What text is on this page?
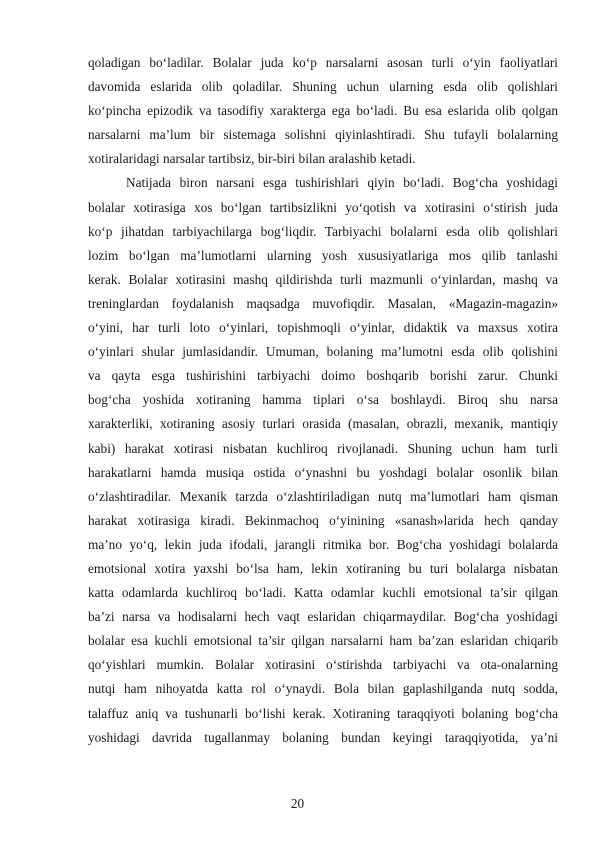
qoladigan bo‘ladilar. Bolalar juda ko‘p narsalarni asosan turli o‘yin faoliyatlari
davomida eslarida olib qoladilar. Shuning uchun ularning esda olib qolishlari
ko‘pincha epizodik va tasodifiy xarakterga ega bo‘ladi. Bu esa eslarida olib qolgan
narsalarni ma’lum bir sistemaga solishni qiyinlashtiradi. Shu tufayli bolalarning
xotiralaridagi narsalar tartibsiz, bir-biri bilan aralashib ketadi.
Natijada biron narsani esga tushirishlari qiyin bo‘ladi. Bog‘cha yoshidagi
bolalar xotirasiga xos bo‘lgan tartibsizlikni yo‘qotish va xotirasini o‘stirish juda
ko‘p jihatdan tarbiyachilarga bog‘liqdir. Tarbiyachi bolalarni esda olib qolishlari
lozim bo‘lgan ma’lumotlarni ularning yosh xususiyatlariga mos qilib tanlashi
kerak. Bolalar xotirasini mashq qildirishda turli mazmunli o‘yinlardan, mashq va
treninglardan foydalanish maqsadga muvofiqdir. Masalan, «Magazin-magazin»
o‘yini, har turli loto o‘yinlari, topishmoqli o‘yinlar, didaktik va maxsus xotira
o‘yinlari shular jumlasidandir. Umuman, bolaning ma’lumotni esda olib qolishini
va qayta esga tushirishini tarbiyachi doimo boshqarib borishi zarur. Chunki
bog‘cha yoshida xotiraning hamma tiplari o‘sa boshlaydi. Biroq shu narsa
xarakterliki, xotiraning asosiy turlari orasida (masalan, obrazli, mexanik, mantiqiy
kabi) harakat xotirasi nisbatan kuchliroq rivojlanadi. Shuning uchun ham turli
harakatlarni hamda musiqa ostida o‘ynashni bu yoshdagi bolalar osonlik bilan
o‘zlashtiradilar. Mexanik tarzda o‘zlashtiriladigan nutq ma’lumotlari ham qisman
harakat xotirasiga kiradi. Bekinmachoq o‘yinining «sanash»larida hech qanday
ma’no yo‘q, lekin juda ifodali, jarangli ritmika bor. Bog‘cha yoshidagi bolalarda
emotsional xotira yaxshi bo‘lsa ham, lekin xotiraning bu turi bolalarga nisbatan
katta odamlarda kuchliroq bo‘ladi. Katta odamlar kuchli emotsional ta’sir qilgan
ba’zi narsa va hodisalarni hech vaqt eslaridan chiqarmaydilar. Bog‘cha yoshidagi
bolalar esa kuchli emotsional ta’sir qilgan narsalarni ham ba’zan eslaridan chiqarib
qo‘yishlari mumkin. Bolalar xotirasini o‘stirishda tarbiyachi va ota-onalarning
nutqi ham nihoyatda katta rol o‘ynaydi. Bola bilan gaplashilganda nutq sodda,
talaffuz aniq va tushunarli bo‘lishi kerak. Xotiraning taraqqiyoti bolaning bog‘cha
yoshidagi davrida tugallanmay bolaning bundan keyingi taraqqiyotida, ya’ni
20
